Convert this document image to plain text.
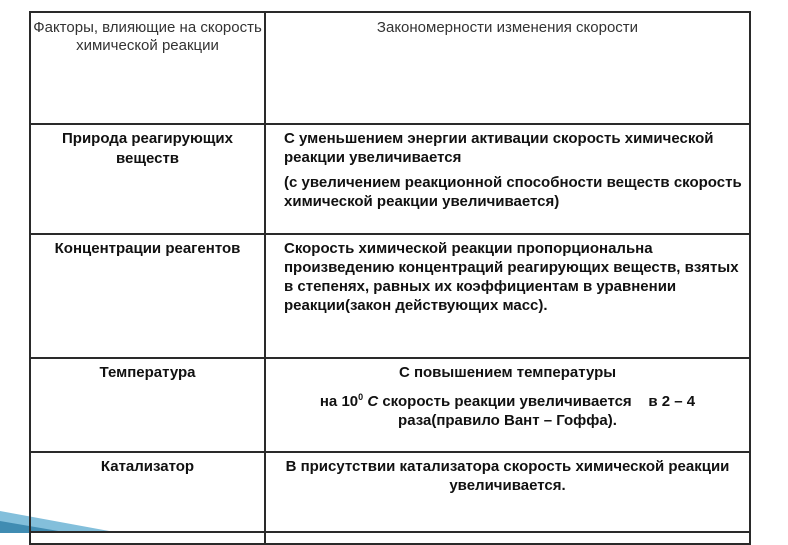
Факторы, влияющие на скорость химической реакции	Закономерности изменения скорости

Природа реагирующих веществ	С уменьшением энергии активации скорость химической реакции увеличивается

(с увеличением реакционной способности веществ скорость химической реакции увеличивается)

Концентрации реагентов	Скорость химической реакции пропорциональна произведению концентраций реагирующих веществ, взятых в степенях, равных их коэффициентам в уравнении реакции(закон действующих масс).

Температура	С повышением температуры

на $10^0$ С скорость реакции увеличивается    в 2 – 4

раза(правило Вант – Гоффа).

Катализатор	В присутствии катализатора скорость химической реакции увеличивается.
